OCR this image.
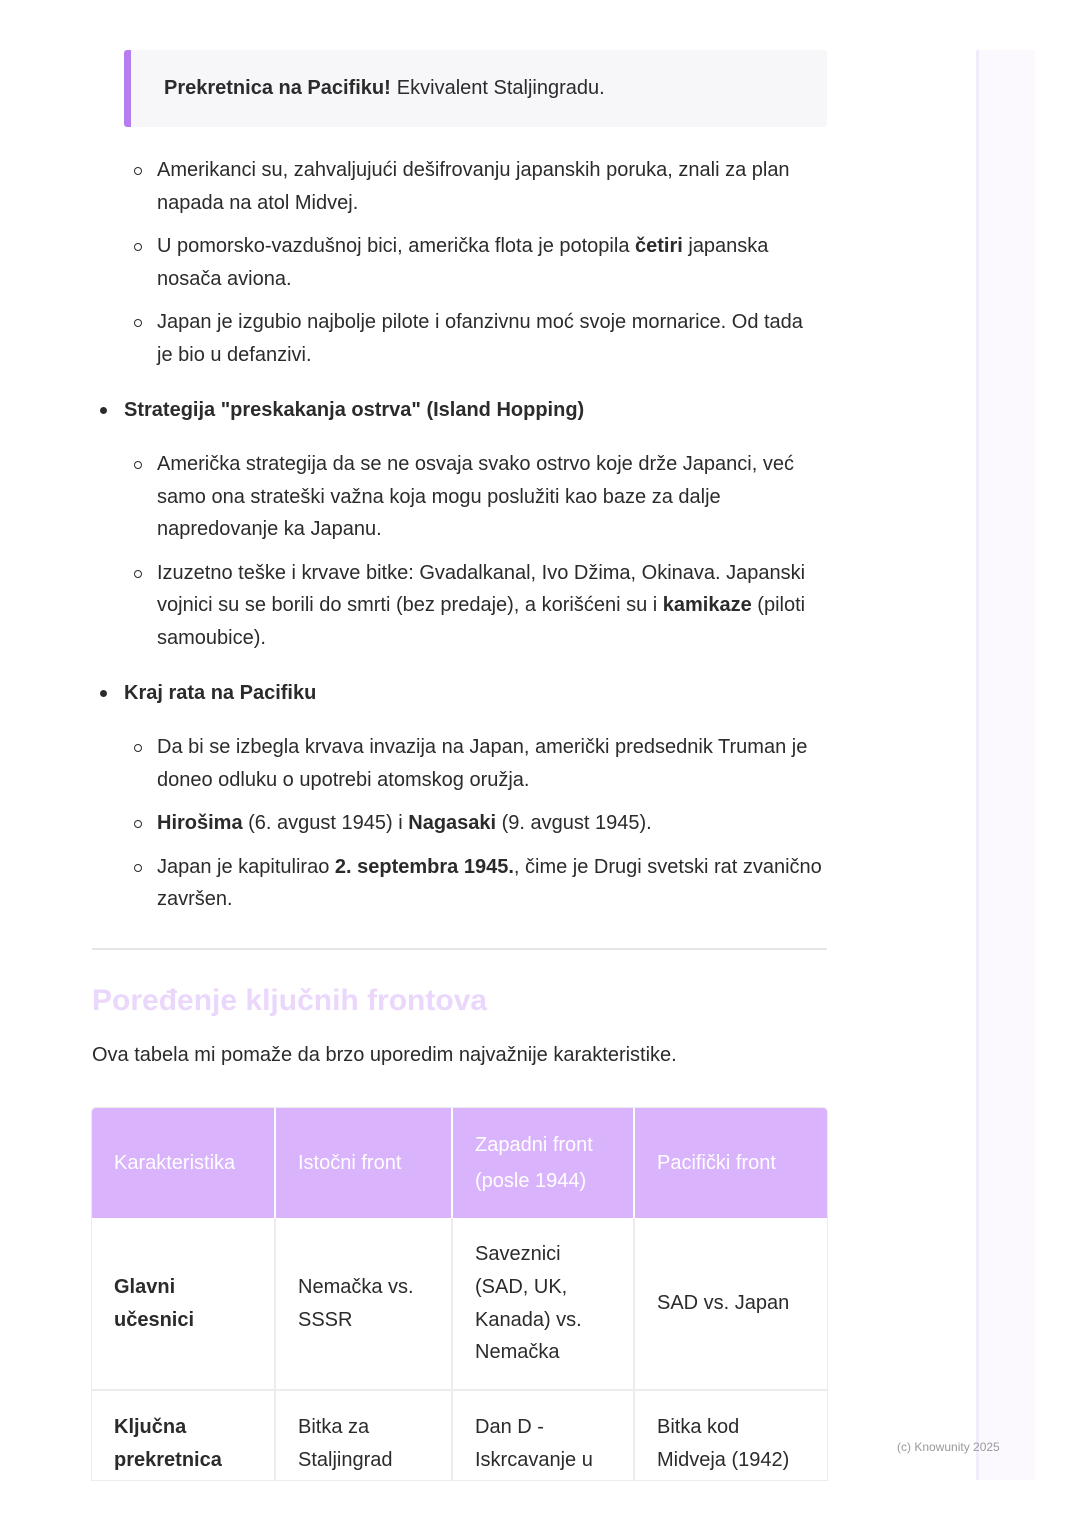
Prekretnica na Pacifiku! Ekvivalent Staljingradu.
Amerikanci su, zahvaljujući dešifrovanju japanskih poruka, znali za plan napada na atol Midvej.
U pomorsko-vazdušnoj bici, američka flota je potopila četiri japanska nosača aviona.
Japan je izgubio najbolje pilote i ofanzivnu moć svoje mornarice. Od tada je bio u defanzivi.
Strategija "preskakanja ostrva" (Island Hopping)
Američka strategija da se ne osvaja svako ostrvo koje drže Japanci, već samo ona strateški važna koja mogu poslužiti kao baze za dalje napredovanje ka Japanu.
Izuzetno teške i krvave bitke: Gvadalkanal, Ivo Džima, Okinava. Japanski vojnici su se borili do smrti (bez predaje), a korišćeni su i kamikaze (piloti samoubice).
Kraj rata na Pacifiku
Da bi se izbegla krvava invazija na Japan, američki predsednik Truman je doneo odluku o upotrebi atomskog oružja.
Hirošima (6. avgust 1945) i Nagasaki (9. avgust 1945).
Japan je kapitulirao 2. septembra 1945., čime je Drugi svetski rat zvanično završen.
Poređenje ključnih frontova
Ova tabela mi pomaže da brzo uporedim najvažnije karakteristike.
Karakteristika	Istočni front	Zapadni front (posle 1944)	Pacifički front
Glavni učesnici	Nemačka vs. SSSR	Saveznici (SAD, UK, Kanada) vs. Nemačka	SAD vs. Japan
Ključna prekretnica	Bitka za Staljingrad	Dan D - Iskrcavanje u	Bitka kod Midveja (1942)
(c) Knowunity 2025
